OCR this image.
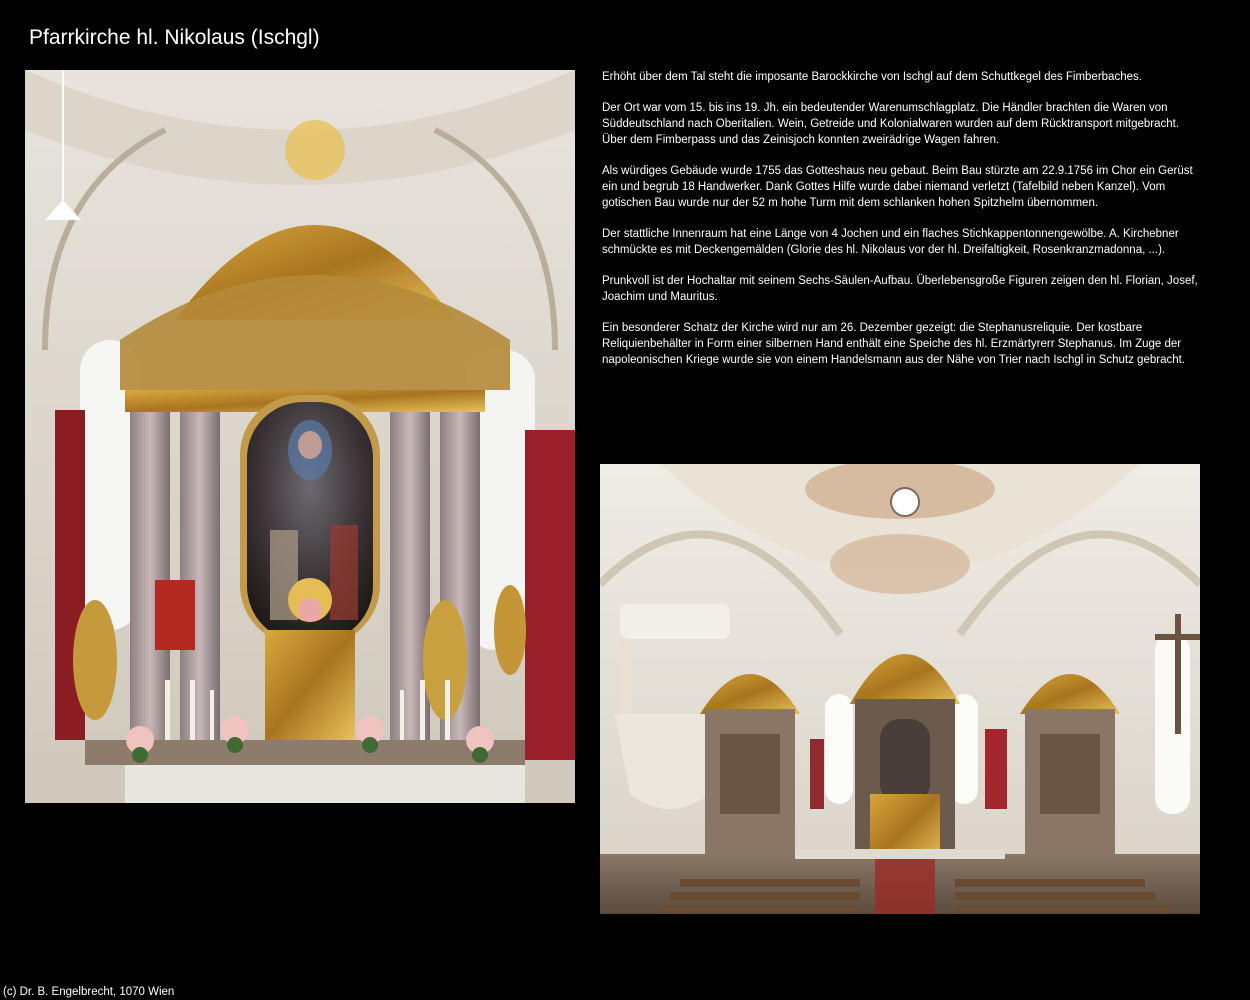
Pfarrkirche hl. Nikolaus (Ischgl)

Erhöht über dem Tal steht die imposante Barockkirche von Ischgl auf dem Schuttkegel des Fimberbaches.

Der Ort war vom 15. bis ins 19. Jh. ein bedeutender Warenumschlagplatz. Die Händler brachten die Waren von Süddeutschland nach Oberitalien. Wein, Getreide und Kolonialwaren wurden auf dem Rücktransport mitgebracht. Über dem Fimberpass und das Zeinisjoch konnten zweirädrige Wagen fahren.

Als würdiges Gebäude wurde 1755 das Gotteshaus neu gebaut. Beim Bau stürzte am 22.9.1756 im Chor ein Gerüst ein und begrub 18 Handwerker. Dank Gottes Hilfe wurde dabei niemand verletzt (Tafelbild neben Kanzel). Vom gotischen Bau wurde nur der 52 m hohe Turm mit dem schlanken hohen Spitzhelm übernommen.

Der stattliche Innenraum hat eine Länge von 4 Jochen und ein flaches Stichkappentonnengewölbe. A. Kirchebner schmückte es mit Deckengemälden (Glorie des hl. Nikolaus vor der hl. Dreifaltigkeit, Rosenkranzmadonna, ...).

Prunkvoll ist der Hochaltar mit seinem Sechs-Säulen-Aufbau. Überlebensgroße Figuren zeigen den hl. Florian, Josef, Joachim und Mauritus.

Ein besonderer Schatz der Kirche wird nur am 26. Dezember gezeigt: die Stephanusreliquie. Der kostbare Reliquienbehälter in Form einer silbernen Hand enthält eine Speiche des hl. Erzmärtyrerr Stephanus. Im Zuge der napoleonischen Kriege wurde sie von einem Handelsmann aus der Nähe von Trier nach Ischgl in Schutz gebracht.

(c) Dr. B. Engelbrecht, 1070 Wien
